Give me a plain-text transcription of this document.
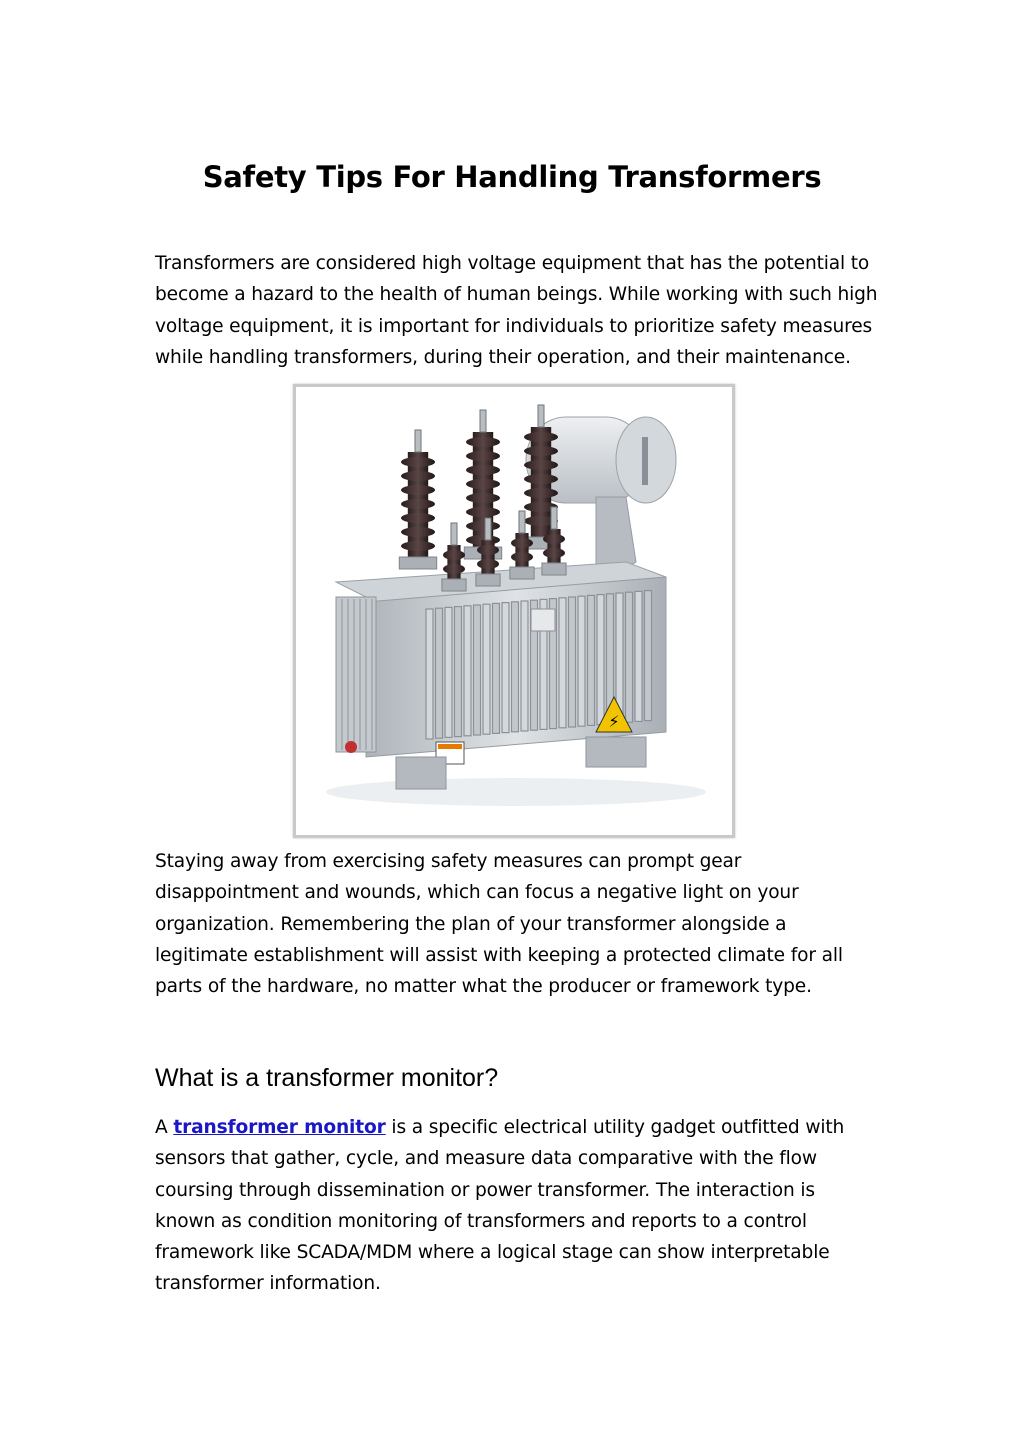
Safety Tips For Handling Transformers

Transformers are considered high voltage equipment that has the potential to
become a hazard to the health of human beings. While working with such high
voltage equipment, it is important for individuals to prioritize safety measures
while handling transformers, during their operation, and their maintenance.

⚡

Staying away from exercising safety measures can prompt gear
disappointment and wounds, which can focus a negative light on your
organization. Remembering the plan of your transformer alongside a
legitimate establishment will assist with keeping a protected climate for all
parts of the hardware, no matter what the producer or framework type.

What is a transformer monitor?

A transformer monitor is a specific electrical utility gadget outfitted with
sensors that gather, cycle, and measure data comparative with the flow
coursing through dissemination or power transformer. The interaction is
known as condition monitoring of transformers and reports to a control
framework like SCADA/MDM where a logical stage can show interpretable
transformer information.
